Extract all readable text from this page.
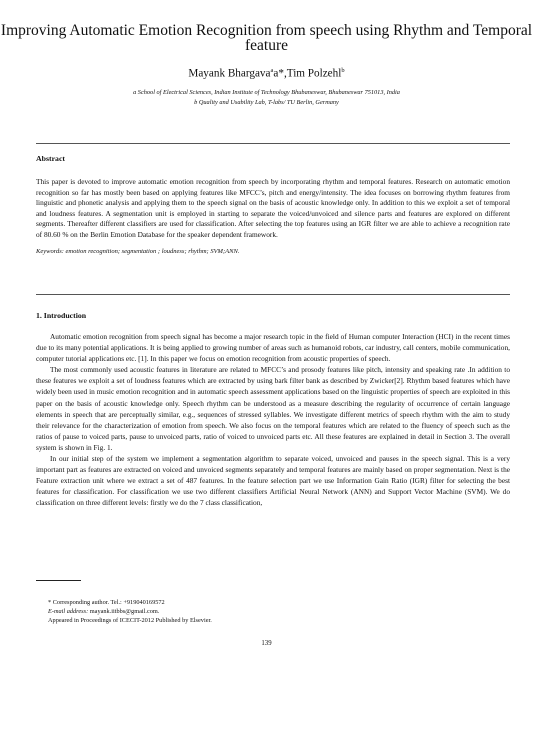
Improving Automatic Emotion Recognition from speech using Rhythm and Temporal feature
Mayank Bhargava$^a$a*,Tim Polzehl$^b$
a School of Electrical Sciences, Indian Institute of Technology Bhubaneswar, Bhubaneswar 751013, India
b Quality and Usability Lab, T-labs/ TU Berlin, Germany
Abstract

This paper is devoted to improve automatic emotion recognition from speech by incorporating rhythm and temporal features. Research on automatic emotion recognition so far has mostly been based on applying features like MFCC’s, pitch and energy/intensity. The idea focuses on borrowing rhythm features from linguistic and phonetic analysis and applying them to the speech signal on the basis of acoustic knowledge only. In addition to this we exploit a set of temporal and loudness features. A segmentation unit is employed in starting to separate the voiced/unvoiced and silence parts and features are explored on different segments. Thereafter different classifiers are used for classification. After selecting the top features using an IGR filter we are able to achieve a recognition rate of 80.60 % on the Berlin Emotion Database for the speaker dependent framework.

Keywords: emotion recognition; segmentation ; loudness; rhythm; SVM;ANN.
1. Introduction

Automatic emotion recognition from speech signal has become a major research topic in the field of Human computer Interaction (HCI) in the recent times due to its many potential applications. It is being applied to growing number of areas such as humanoid robots, car industry, call centers, mobile communication, computer tutorial applications etc. [1]. In this paper we focus on emotion recognition from acoustic properties of speech.

The most commonly used acoustic features in literature are related to MFCC’s and prosody features like pitch, intensity and speaking rate .In addition to these features we exploit a set of loudness features which are extracted by using bark filter bank as described by Zwicker[2]. Rhythm based features which have widely been used in music emotion recognition and in automatic speech assessment applications based on the linguistic properties of speech are exploited in this paper on the basis of acoustic knowledge only. Speech rhythm can be understood as a measure describing the regularity of occurrence of certain language elements in speech that are perceptually similar, e.g., sequences of stressed syllables. We investigate different metrics of speech rhythm with the aim to study their relevance for the characterization of emotion from speech. We also focus on the temporal features which are related to the fluency of speech such as the ratios of pause to voiced parts, pause to unvoiced parts, ratio of voiced to unvoiced parts etc. All these features are explained in detail in Section 3. The overall system is shown in Fig. 1.

In our initial step of the system we implement a segmentation algorithm to separate voiced, unvoiced and pauses in the speech signal. This is a very important part as features are extracted on voiced and unvoiced segments separately and temporal features are mainly based on proper segmentation. Next is the Feature extraction unit where we extract a set of 487 features. In the feature selection part we use Information Gain Ratio (IGR) filter for selecting the best features for classification. For classification we use two different classifiers Artificial Neural Network (ANN) and Support Vector Machine (SVM). We do classification on three different levels: firstly we do the 7 class classification,

* Corresponding author. Tel.: +919040169572
E-mail address: mayank.iitbbs@gmail.com.
Appeared in Proceedings of ICECIT-2012 Published by Elsevier.
139
